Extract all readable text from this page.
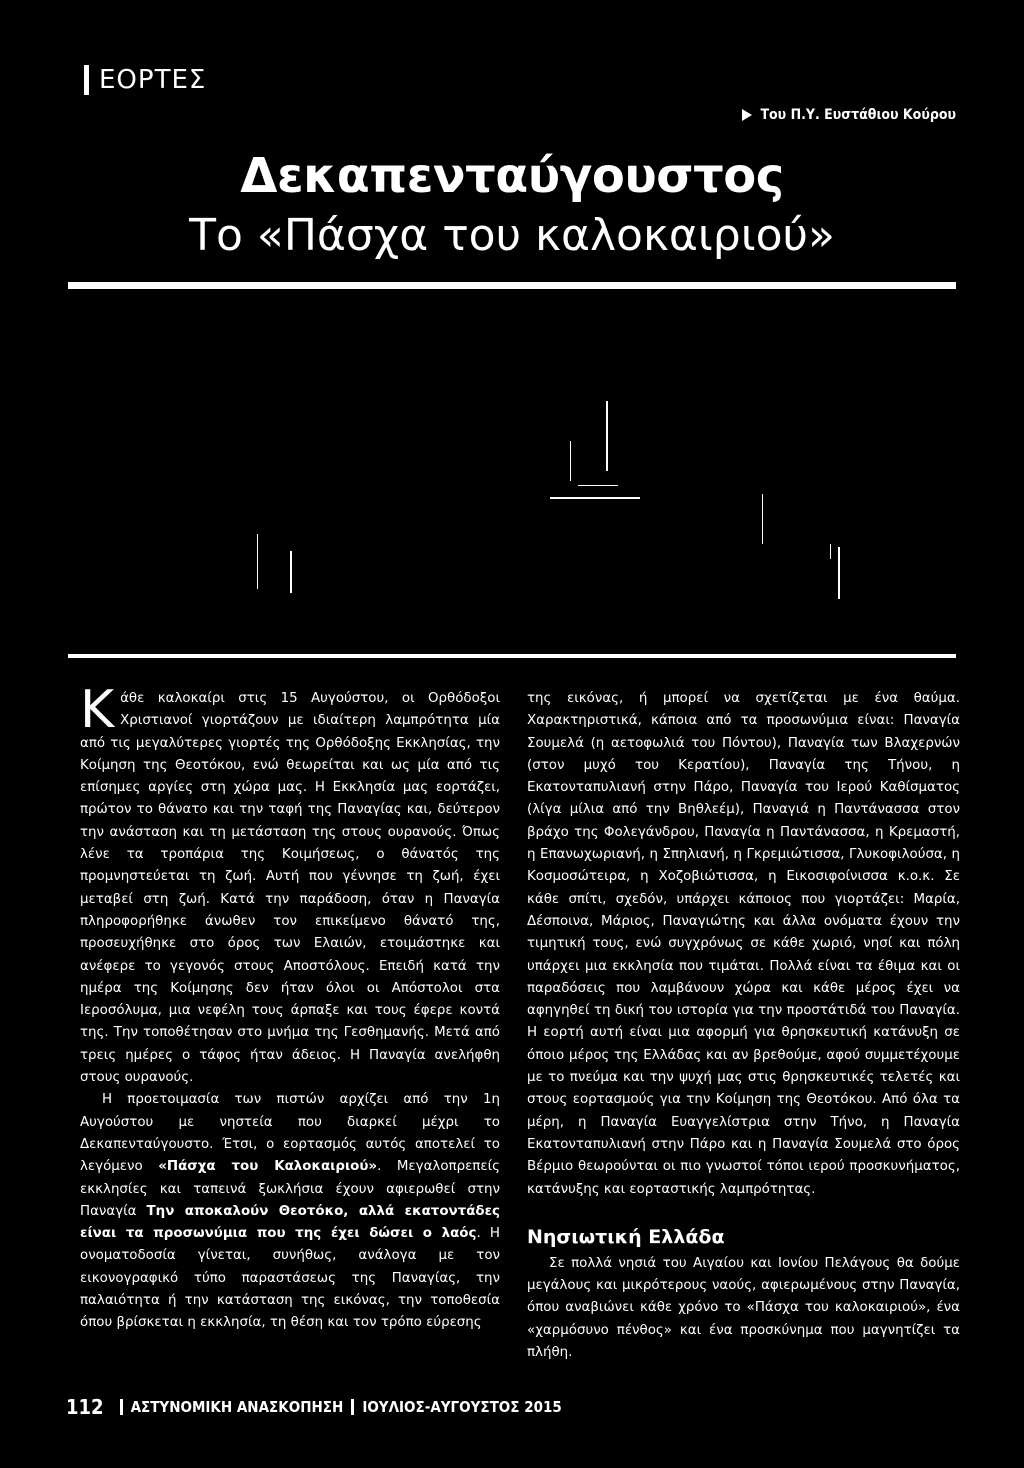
ΕΟΡΤΕΣ
Του Π.Υ. Ευστάθιου Κούρου
Δεκαπενταύγουστος
Το «Πάσχα του καλοκαιριού»

Κάθε καλοκαίρι στις 15 Αυγούστου, οι Ορθόδοξοι Χριστιανοί γιορτάζουν με ιδιαίτερη λαμπρότητα μία από τις μεγαλύτερες γιορτές της Ορθόδοξης Εκκλησίας, την Κοίμηση της Θεοτόκου, ενώ θεωρείται και ως μία από τις επίσημες αργίες στη χώρα μας. Η Εκκλησία μας εορτάζει, πρώτον το θάνατο και την ταφή της Παναγίας και, δεύτερον την ανάσταση και τη μετάσταση της στους ουρανούς. Όπως λένε τα τροπάρια της Κοιμήσεως, ο θάνατός της προμνηστεύεται τη ζωή. Αυτή που γέννησε τη ζωή, έχει μεταβεί στη ζωή. Κατά την παράδοση, όταν η Παναγία πληροφορήθηκε άνωθεν τον επικείμενο θάνατό της, προσευχήθηκε στο όρος των Ελαιών, ετοιμάστηκε και ανέφερε το γεγονός στους Αποστόλους. Επειδή κατά την ημέρα της Κοίμησης δεν ήταν όλοι οι Απόστολοι στα Ιεροσόλυμα, μια νεφέλη τους άρπαξε και τους έφερε κοντά της. Την τοποθέτησαν στο μνήμα της Γεσθημανής. Μετά από τρεις ημέρες ο τάφος ήταν άδειος. Η Παναγία ανελήφθη στους ουρανούς.

Η προετοιμασία των πιστών αρχίζει από την 1η Αυγούστου με νηστεία που διαρκεί μέχρι το Δεκαπενταύγουστο. Έτσι, ο εορτασμός αυτός αποτελεί το λεγόμενο «Πάσχα του Καλοκαιριού». Μεγαλοπρεπείς εκκλησίες και ταπεινά ξωκλήσια έχουν αφιερωθεί στην Παναγία Την αποκαλούν Θεοτόκο, αλλά εκατοντάδες είναι τα προσωνύμια που της έχει δώσει ο λαός. Η ονοματοδοσία γίνεται, συνήθως, ανάλογα με τον εικονογραφικό τύπο παραστάσεως της Παναγίας, την παλαιότητα ή την κατάσταση της εικόνας, την τοποθεσία όπου βρίσκεται η εκκλησία, τη θέση και τον τρόπο εύρεσης

της εικόνας, ή μπορεί να σχετίζεται με ένα θαύμα. Χαρακτηριστικά, κάποια από τα προσωνύμια είναι: Παναγία Σουμελά (η αετοφωλιά του Πόντου), Παναγία των Βλαχερνών (στον μυχό του Κερατίου), Παναγία της Τήνου, η Εκατονταπυλιανή στην Πάρο, Παναγία του Ιερού Καθίσματος (λίγα μίλια από την Βηθλεέμ), Παναγιά η Παντάνασσα στον βράχο της Φολεγάνδρου, Παναγία η Παντάνασσα, η Κρεμαστή, η Επανωχωριανή, η Σπηλιανή, η Γκρεμιώτισσα, Γλυκοφιλούσα, η Κοσμοσώτειρα, η Χοζοβιώτισσα, η Εικοσιφοίνισσα κ.ο.κ. Σε κάθε σπίτι, σχεδόν, υπάρχει κάποιος που γιορτάζει: Μαρία, Δέσποινα, Μάριος, Παναγιώτης και άλλα ονόματα έχουν την τιμητική τους, ενώ συγχρόνως σε κάθε χωριό, νησί και πόλη υπάρχει μια εκκλησία που τιμάται. Πολλά είναι τα έθιμα και οι παραδόσεις που λαμβάνουν χώρα και κάθε μέρος έχει να αφηγηθεί τη δική του ιστορία για την προστάτιδά του Παναγία. Η εορτή αυτή είναι μια αφορμή για θρησκευτική κατάνυξη σε όποιο μέρος της Ελλάδας και αν βρεθούμε, αφού συμμετέχουμε με το πνεύμα και την ψυχή μας στις θρησκευτικές τελετές και στους εορτασμούς για την Κοίμηση της Θεοτόκου. Από όλα τα μέρη, η Παναγία Ευαγγελίστρια στην Τήνο, η Παναγία Εκατονταπυλιανή στην Πάρο και η Παναγία Σουμελά στο όρος Βέρμιο θεωρούνται οι πιο γνωστοί τόποι ιερού προσκυνήματος, κατάνυξης και εορταστικής λαμπρότητας.
Νησιωτική Ελλάδα

Σε πολλά νησιά του Αιγαίου και Ιονίου Πελάγους θα δούμε μεγάλους και μικρότερους ναούς, αφιερωμένους στην Παναγία, όπου αναβιώνει κάθε χρόνο το «Πάσχα του καλοκαιριού», ένα «χαρμόσυνο πένθος» και ένα προσκύνημα που μαγνητίζει τα πλήθη.

112 ΑΣΤΥΝΟΜΙΚΗ ΑΝΑΣΚΟΠΗΣΗ ΙΟΥΛΙΟΣ-ΑΥΓΟΥΣΤΟΣ 2015
